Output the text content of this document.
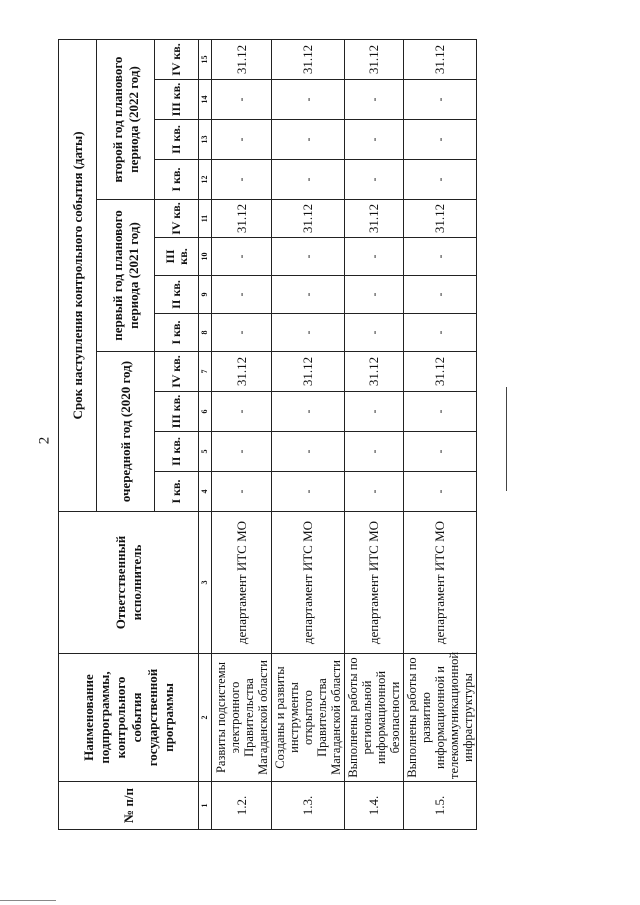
2
№ п/п	Наименование подпрограммы, контрольного события государственной программы	Ответственный исполнитель	Срок наступления контрольного события (даты)											
			очередной год (2020 год)				первый год планового периода (2021 год)				второй год планового периода (2022 год)			
			I кв.	II кв.	III кв.	IV кв.	I кв.	II кв.	III кв.	IV кв.	I кв.	II кв.	III кв.	IV кв.
1	2	3	4	5	6	7	8	9	10	11	12	13	14	15
1.2.	Развиты подсистемы электронного Правительства Магаданской области	департамент ИТС МО	-	-	-	31.12	-	-	-	31.12	-	-	-	31.12
1.3.	Созданы и развиты инструменты открытого Правительства Магаданской области	департамент ИТС МО	-	-	-	31.12	-	-	-	31.12	-	-	-	31.12
1.4.	Выполнены работы по региональной информационной безопасности	департамент ИТС МО	-	-	-	31.12	-	-	-	31.12	-	-	-	31.12
1.5.	Выполнены работы по развитию информационной и телекоммуникационной инфраструктуры	департамент ИТС МО	-	-	-	31.12	-	-	-	31.12	-	-	-	31.12
